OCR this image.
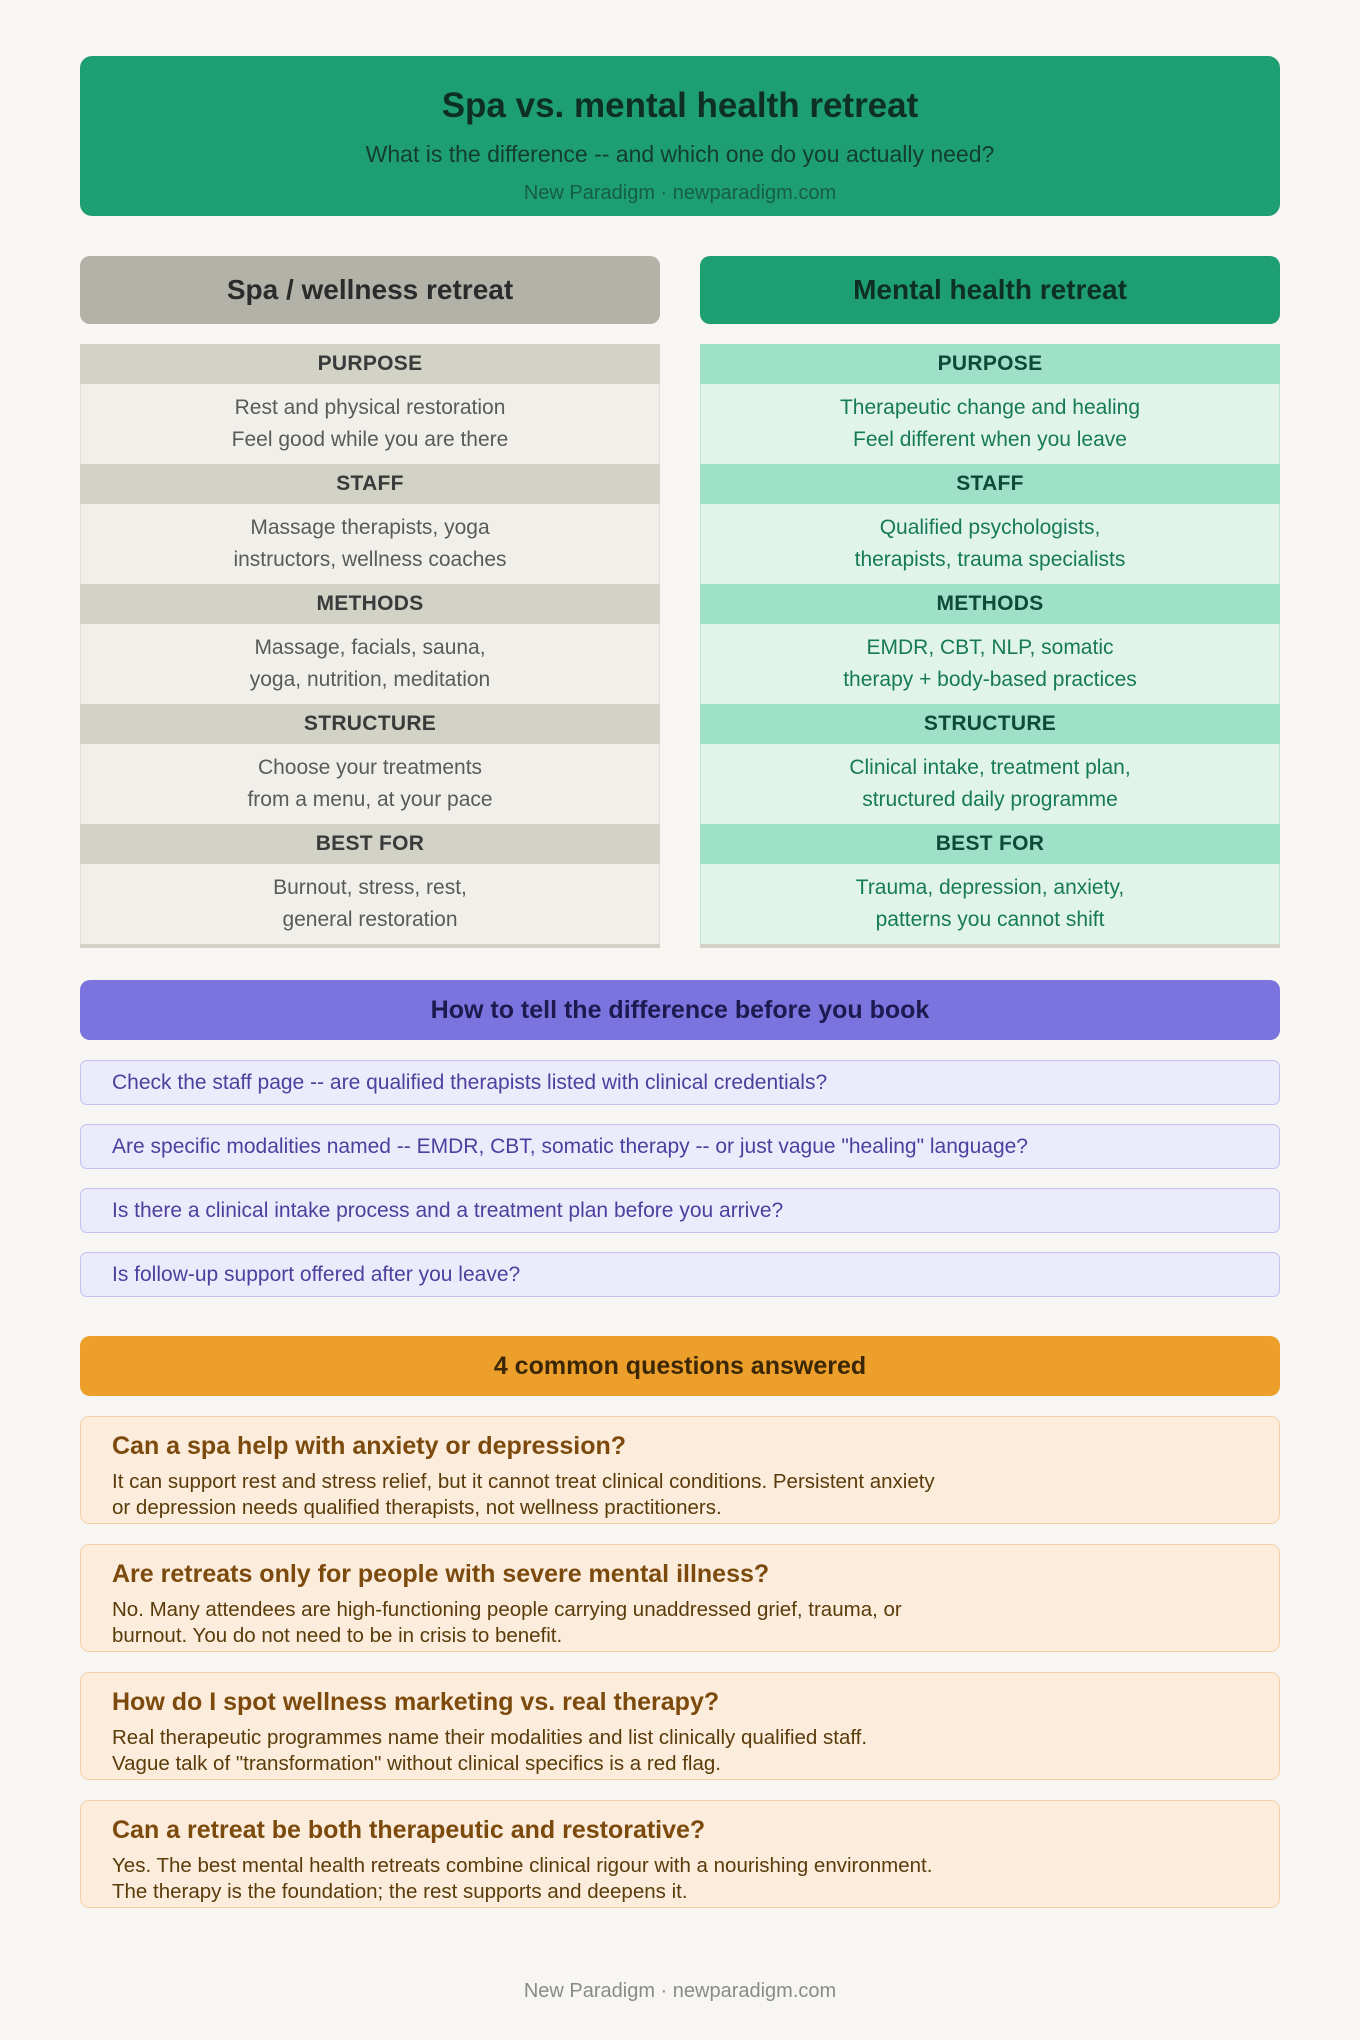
Spa vs. mental health retreat
What is the difference -- and which one do you actually need?
New Paradigm · newparadigm.com
Spa / wellness retreat
PURPOSE
Rest and physical restoration
Feel good while you are there
STAFF
Massage therapists, yoga
instructors, wellness coaches
METHODS
Massage, facials, sauna,
yoga, nutrition, meditation
STRUCTURE
Choose your treatments
from a menu, at your pace
BEST FOR
Burnout, stress, rest,
general restoration
Mental health retreat
PURPOSE
Therapeutic change and healing
Feel different when you leave
STAFF
Qualified psychologists,
therapists, trauma specialists
METHODS
EMDR, CBT, NLP, somatic
therapy + body-based practices
STRUCTURE
Clinical intake, treatment plan,
structured daily programme
BEST FOR
Trauma, depression, anxiety,
patterns you cannot shift
How to tell the difference before you book
Check the staff page -- are qualified therapists listed with clinical credentials?
Are specific modalities named -- EMDR, CBT, somatic therapy -- or just vague "healing" language?
Is there a clinical intake process and a treatment plan before you arrive?
Is follow-up support offered after you leave?
4 common questions answered
Can a spa help with anxiety or depression?
It can support rest and stress relief, but it cannot treat clinical conditions. Persistent anxiety
or depression needs qualified therapists, not wellness practitioners.
Are retreats only for people with severe mental illness?
No. Many attendees are high-functioning people carrying unaddressed grief, trauma, or
burnout. You do not need to be in crisis to benefit.
How do I spot wellness marketing vs. real therapy?
Real therapeutic programmes name their modalities and list clinically qualified staff.
Vague talk of "transformation" without clinical specifics is a red flag.
Can a retreat be both therapeutic and restorative?
Yes. The best mental health retreats combine clinical rigour with a nourishing environment.
The therapy is the foundation; the rest supports and deepens it.
New Paradigm · newparadigm.com
